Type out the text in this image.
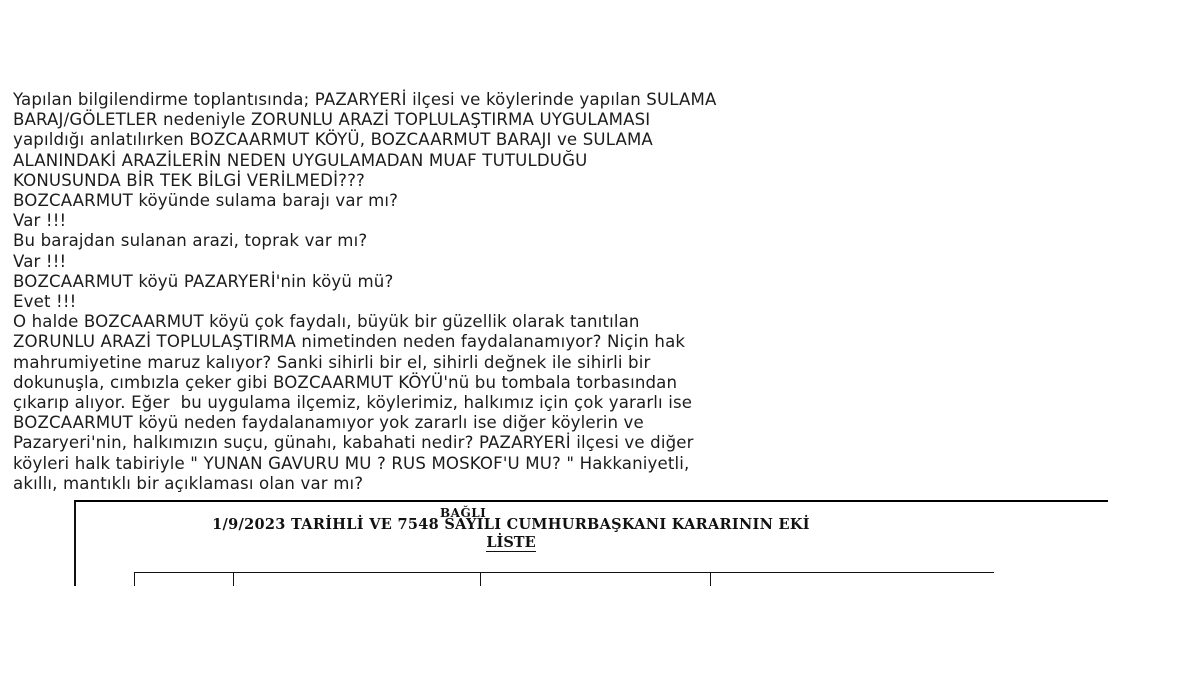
Yapılan bilgilendirme toplantısında; PAZARYERİ ilçesi ve köylerinde yapılan SULAMA
BARAJ/GÖLETLER nedeniyle ZORUNLU ARAZİ TOPLULAŞTIRMA UYGULAMASI
yapıldığı anlatılırken BOZCAARMUT KÖYÜ, BOZCAARMUT BARAJI ve SULAMA
ALANINDAKİ ARAZİLERİN NEDEN UYGULAMADAN MUAF TUTULDUĞU
KONUSUNDA BİR TEK BİLGİ VERİLMEDİ???
BOZCAARMUT köyünde sulama barajı var mı?
Var !!!
Bu barajdan sulanan arazi, toprak var mı?
Var !!!
BOZCAARMUT köyü PAZARYERİ'nin köyü mü?
Evet !!!
O halde BOZCAARMUT köyü çok faydalı, büyük bir güzellik olarak tanıtılan
ZORUNLU ARAZİ TOPLULAŞTIRMA nimetinden neden faydalanamıyor? Niçin hak
mahrumiyetine maruz kalıyor? Sanki sihirli bir el, sihirli değnek ile sihirli bir
dokunuşla, cımbızla çeker gibi BOZCAARMUT KÖYÜ'nü bu tombala torbasından
çıkarıp alıyor. Eğer  bu uygulama ilçemiz, köylerimiz, halkımız için çok yararlı ise
BOZCAARMUT köyü neden faydalanamıyor yok zararlı ise diğer köylerin ve
Pazaryeri'nin, halkımızın suçu, günahı, kabahati nedir? PAZARYERİ ilçesi ve diğer
köyleri halk tabiriyle " YUNAN GAVURU MU ? RUS MOSKOF'U MU? " Hakkaniyetli,
akıllı, mantıklı bir açıklaması olan var mı?

1/9/2023 TARİHLİ VE 7548 SAYILI CUMHURBAŞKANI KARARININ EKİ
LİSTE
BAĞLI
